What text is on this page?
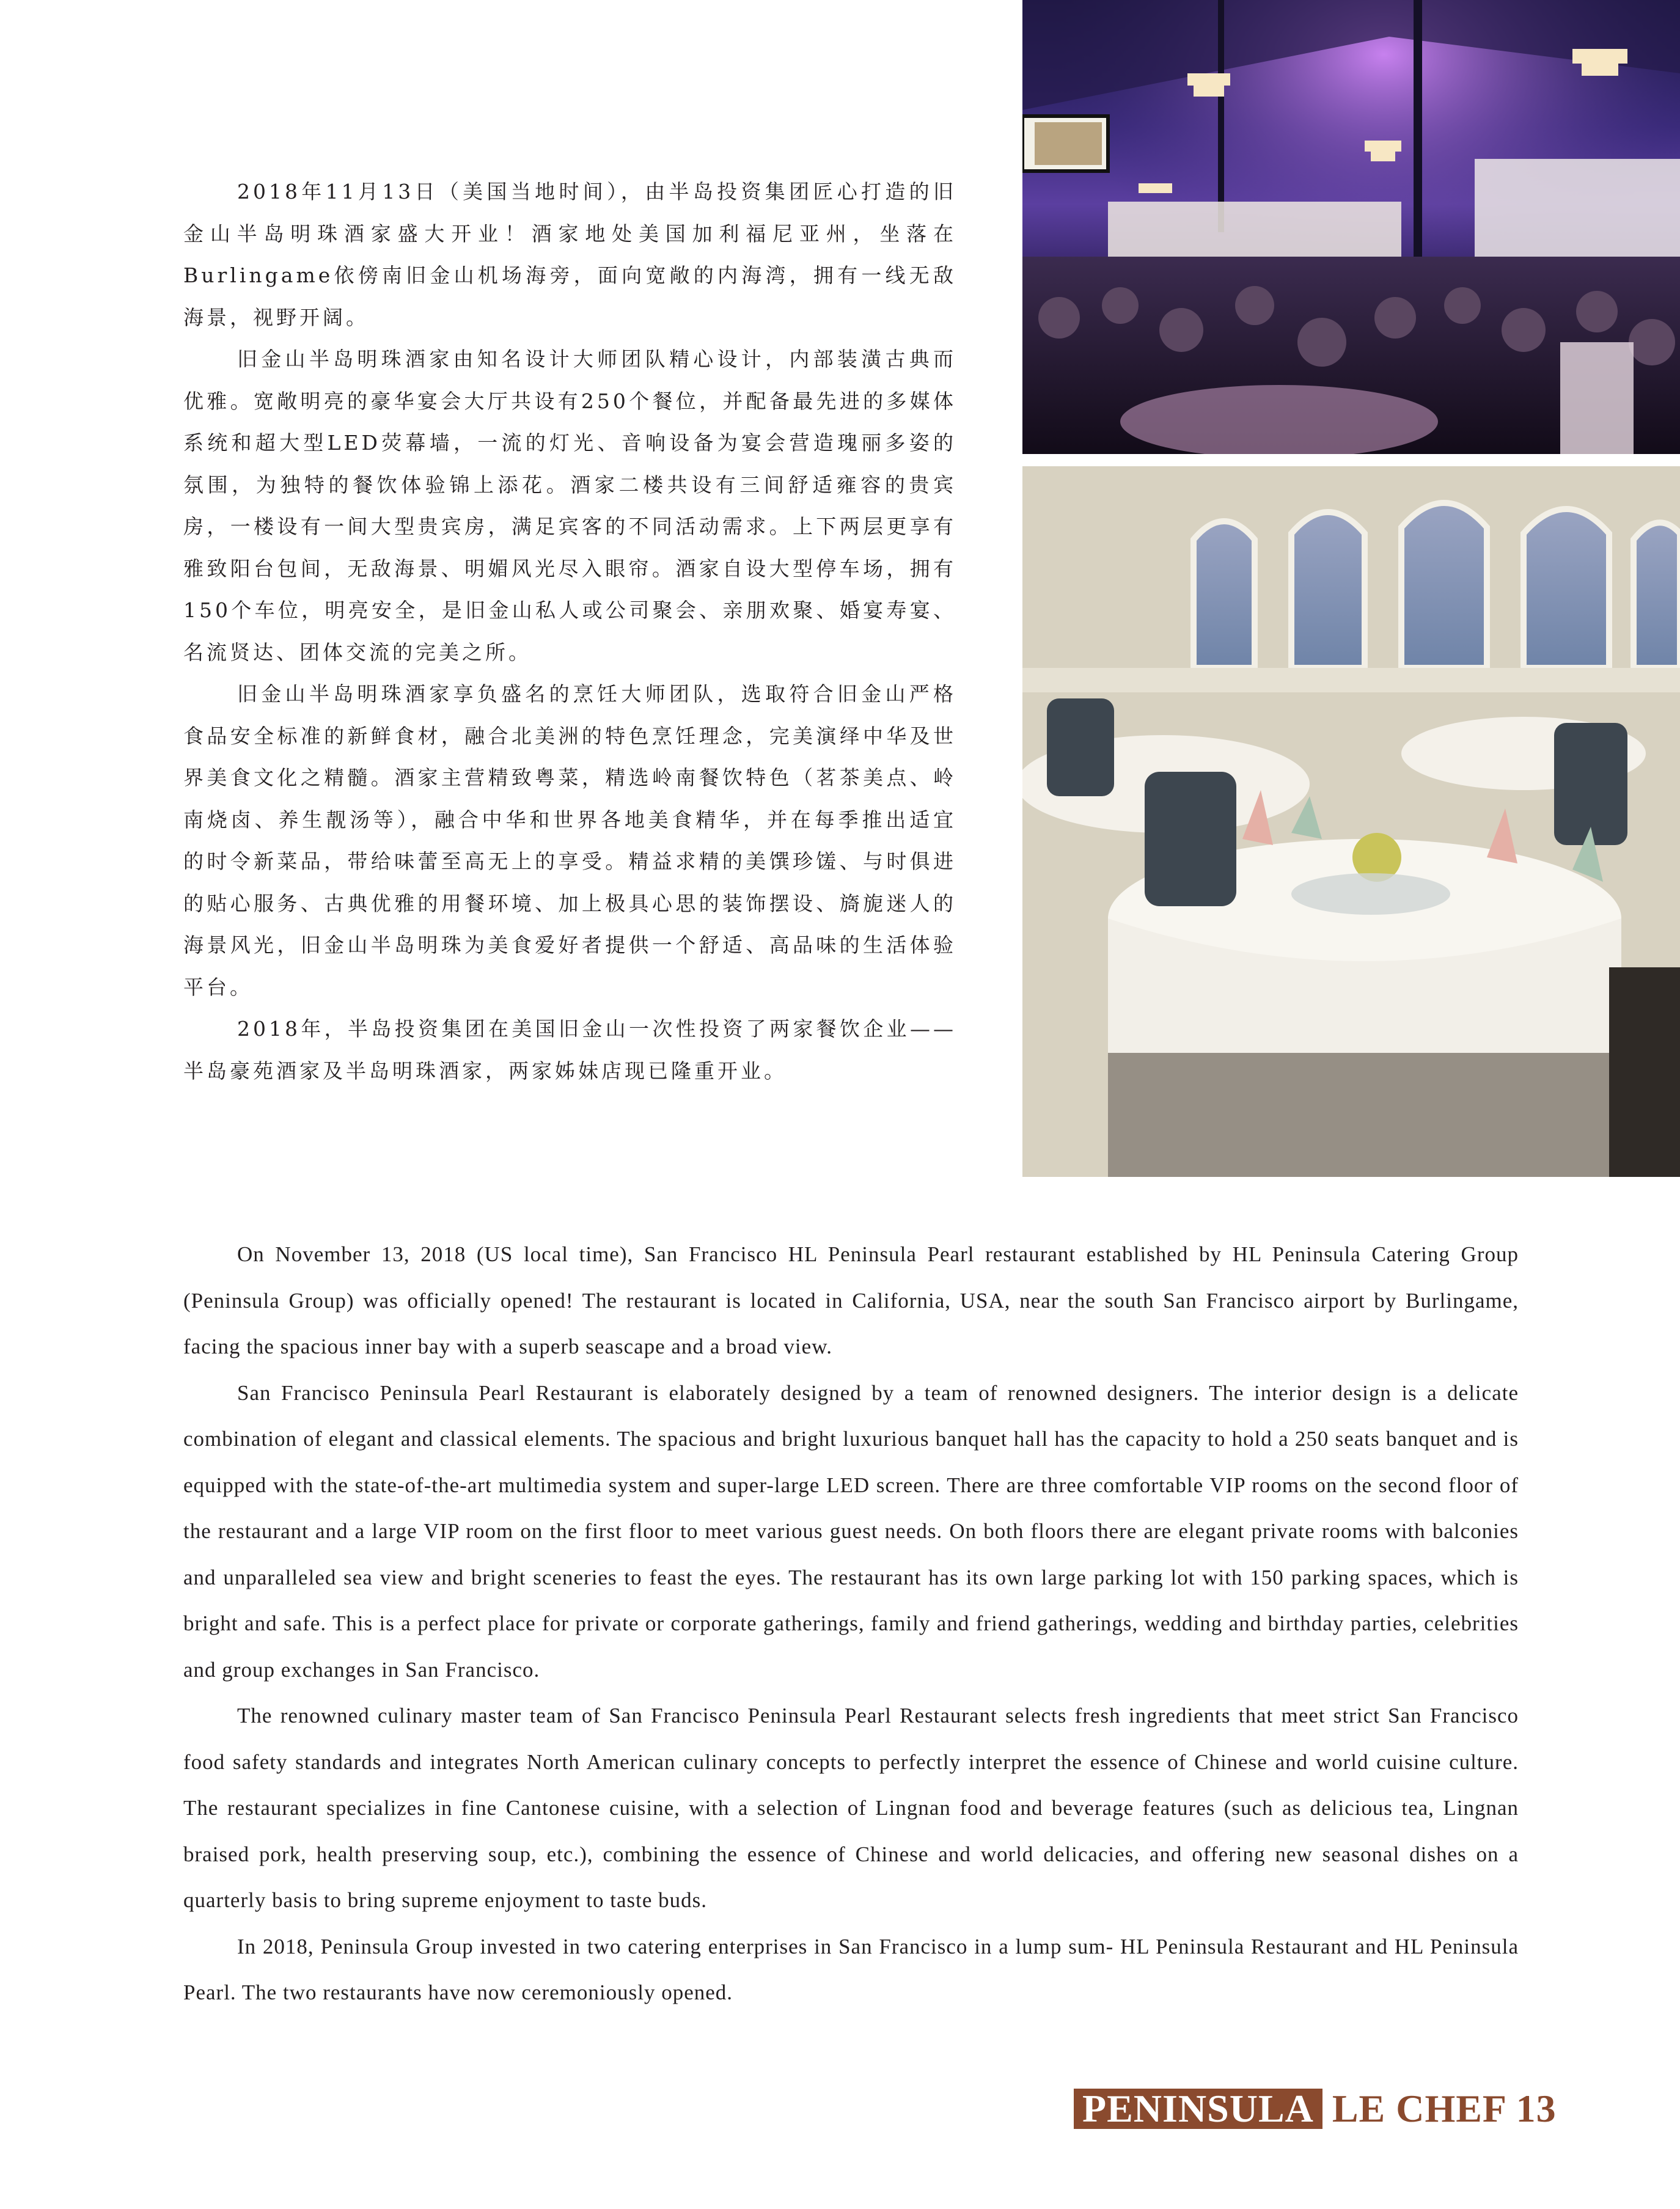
2018年11月13日（美国当地时间），由半岛投资集团匠心打造的旧金山半岛明珠酒家盛大开业！酒家地处美国加利福尼亚州，坐落在Burlingame依傍南旧金山机场海旁，面向宽敞的内海湾，拥有一线无敌海景，视野开阔。

旧金山半岛明珠酒家由知名设计大师团队精心设计，内部装潢古典而优雅。宽敞明亮的豪华宴会大厅共设有250个餐位，并配备最先进的多媒体系统和超大型LED荧幕墙，一流的灯光、音响设备为宴会营造瑰丽多姿的氛围，为独特的餐饮体验锦上添花。酒家二楼共设有三间舒适雍容的贵宾房，一楼设有一间大型贵宾房，满足宾客的不同活动需求。上下两层更享有雅致阳台包间，无敌海景、明媚风光尽入眼帘。酒家自设大型停车场，拥有150个车位，明亮安全，是旧金山私人或公司聚会、亲朋欢聚、婚宴寿宴、名流贤达、团体交流的完美之所。

旧金山半岛明珠酒家享负盛名的烹饪大师团队，选取符合旧金山严格食品安全标准的新鲜食材，融合北美洲的特色烹饪理念，完美演绎中华及世界美食文化之精髓。酒家主营精致粤菜，精选岭南餐饮特色（茗茶美点、岭南烧卤、养生靓汤等），融合中华和世界各地美食精华，并在每季推出适宜的时令新菜品，带给味蕾至高无上的享受。精益求精的美馔珍馐、与时俱进的贴心服务、古典优雅的用餐环境、加上极具心思的装饰摆设、旖旎迷人的海景风光，旧金山半岛明珠为美食爱好者提供一个舒适、高品味的生活体验平台。

2018年，半岛投资集团在美国旧金山一次性投资了两家餐饮企业——半岛豪苑酒家及半岛明珠酒家，两家姊妹店现已隆重开业。

On November 13, 2018 (US local time), San Francisco HL Peninsula Pearl restaurant established by HL Peninsula Catering Group (Peninsula Group) was officially opened! The restaurant is located in California, USA, near the south San Francisco airport by Burlingame, facing the spacious inner bay with a superb seascape and a broad view.

San Francisco Peninsula Pearl Restaurant is elaborately designed by a team of renowned designers. The interior design is a delicate combination of elegant and classical elements. The spacious and bright luxurious banquet hall has the capacity to hold a 250 seats banquet and is equipped with the state-of-the-art multimedia system and super-large LED screen. There are three comfortable VIP rooms on the second floor of the restaurant and a large VIP room on the first floor to meet various guest needs. On both floors there are elegant private rooms with balconies and unparalleled sea view and bright sceneries to feast the eyes. The restaurant has its own large parking lot with 150 parking spaces, which is bright and safe. This is a perfect place for private or corporate gatherings, family and friend gatherings, wedding and birthday parties, celebrities and group exchanges in San Francisco.

The renowned culinary master team of San Francisco Peninsula Pearl Restaurant selects fresh ingredients that meet strict San Francisco food safety standards and integrates North American culinary concepts to perfectly interpret the essence of Chinese and world cuisine culture. The restaurant specializes in fine Cantonese cuisine, with a selection of Lingnan food and beverage features (such as delicious tea, Lingnan braised pork, health preserving soup, etc.), combining the essence of Chinese and world delicacies, and offering new seasonal dishes on a quarterly basis to bring supreme enjoyment to taste buds.

In 2018, Peninsula Group invested in two catering enterprises in San Francisco in a lump sum- HL Peninsula Restaurant and HL Peninsula Pearl. The two restaurants have now ceremoniously opened.

PENINSULA LE CHEF 13
